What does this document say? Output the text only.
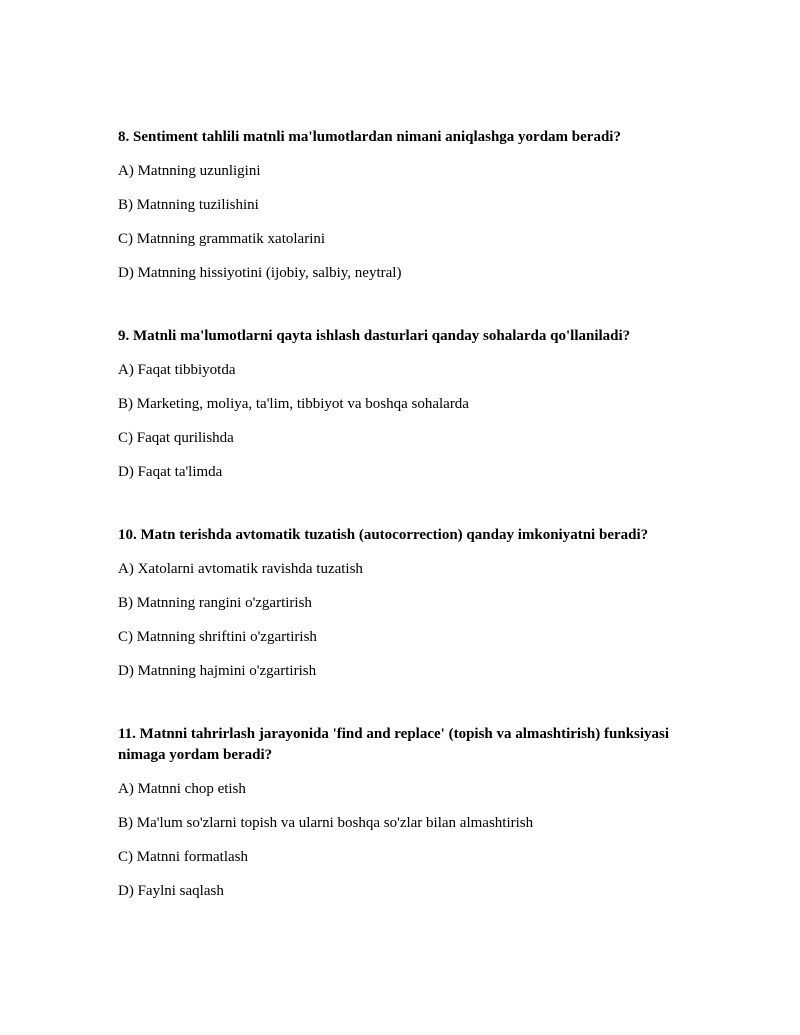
8. Sentiment tahlili matnli ma'lumotlardan nimani aniqlashga yordam beradi?

A) Matnning uzunligini

B) Matnning tuzilishini

C) Matnning grammatik xatolarini

D) Matnning hissiyotini (ijobiy, salbiy, neytral)

9. Matnli ma'lumotlarni qayta ishlash dasturlari qanday sohalarda qo'llaniladi?

A) Faqat tibbiyotda

B) Marketing, moliya, ta'lim, tibbiyot va boshqa sohalarda

C) Faqat qurilishda

D) Faqat ta'limda

10. Matn terishda avtomatik tuzatish (autocorrection) qanday imkoniyatni beradi?

A) Xatolarni avtomatik ravishda tuzatish

B) Matnning rangini o'zgartirish

C) Matnning shriftini o'zgartirish

D) Matnning hajmini o'zgartirish

11. Matnni tahrirlash jarayonida 'find and replace' (topish va almashtirish) funksiyasi nimaga yordam beradi?

A) Matnni chop etish

B) Ma'lum so'zlarni topish va ularni boshqa so'zlar bilan almashtirish

C) Matnni formatlash

D) Faylni saqlash
